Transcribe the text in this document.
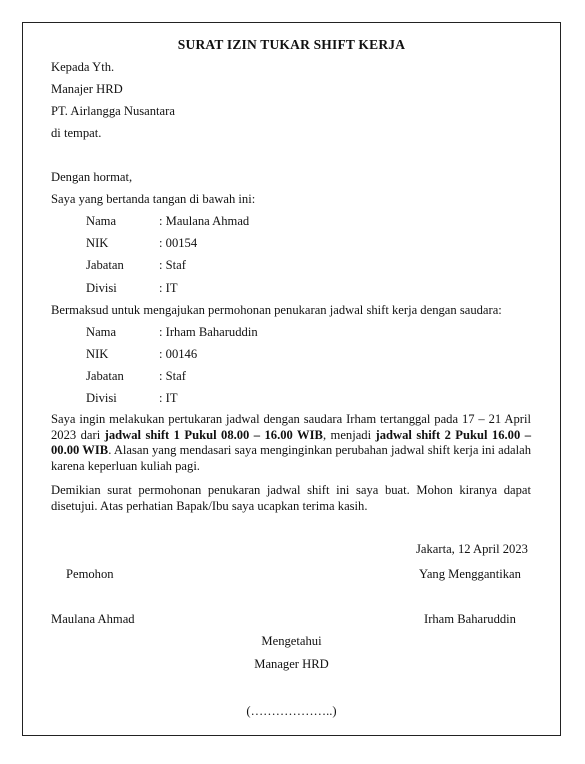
SURAT IZIN TUKAR SHIFT KERJA
Kepada Yth.
Manajer HRD
PT. Airlangga Nusantara
di tempat.
Dengan hormat,
Saya yang bertanda tangan di bawah ini:
Nama	: Maulana Ahmad
NIK	: 00154
Jabatan	: Staf
Divisi	: IT
Bermaksud untuk mengajukan permohonan penukaran jadwal shift kerja dengan saudara:
Nama	: Irham Baharuddin
NIK	: 00146
Jabatan	: Staf
Divisi	: IT
Saya ingin melakukan pertukaran jadwal dengan saudara Irham tertanggal pada 17 – 21 April 2023 dari jadwal shift 1 Pukul 08.00 – 16.00 WIB, menjadi jadwal shift 2 Pukul 16.00 – 00.00 WIB. Alasan yang mendasari saya menginginkan perubahan jadwal shift kerja ini adalah karena keperluan kuliah pagi.
Demikian surat permohonan penukaran jadwal shift ini saya buat. Mohon kiranya dapat disetujui. Atas perhatian Bapak/Ibu saya ucapkan terima kasih.
Jakarta, 12 April 2023
Pemohon	Yang Menggantikan
Maulana Ahmad	Irham Baharuddin
Mengetahui
Manager HRD
(………………..)
